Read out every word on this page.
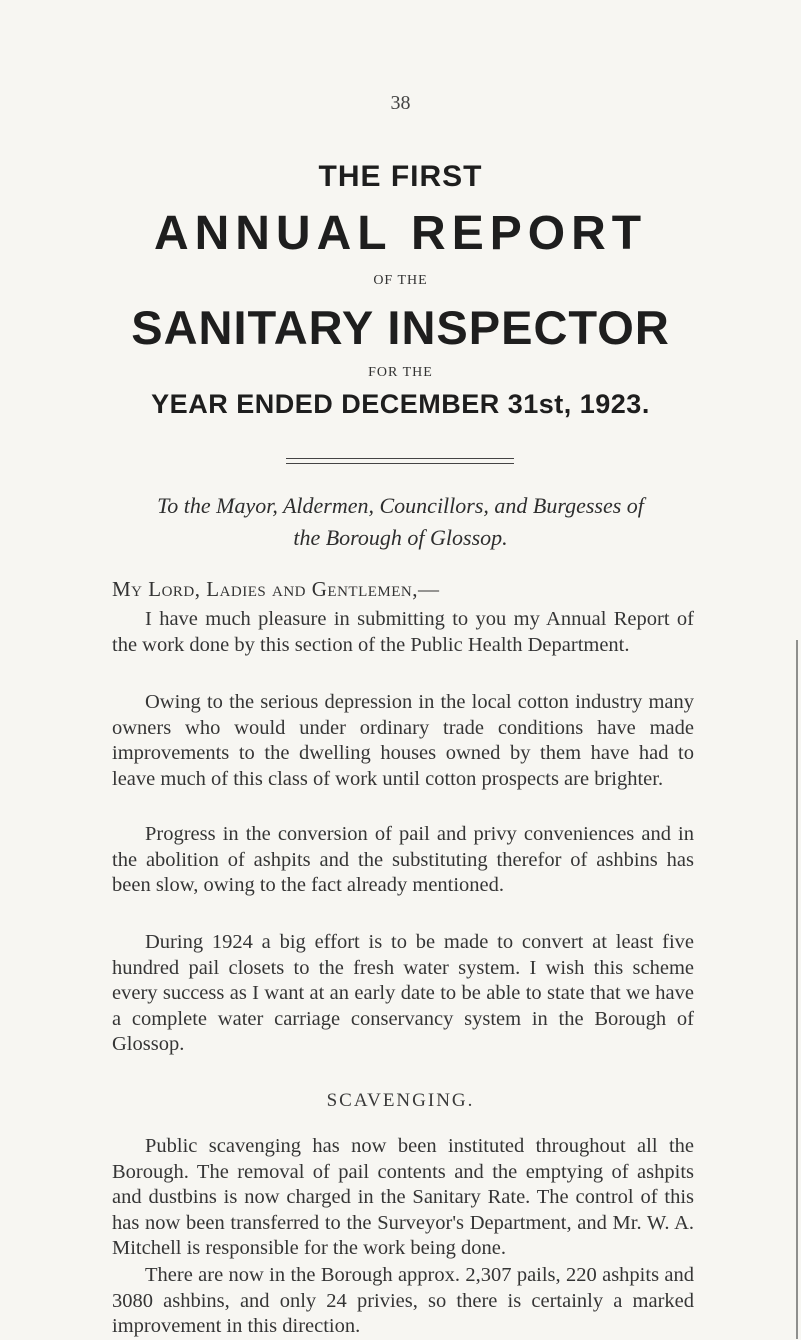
38
THE FIRST
ANNUAL REPORT
OF THE
SANITARY INSPECTOR
FOR THE
YEAR ENDED DECEMBER 31st, 1923.
To the Mayor, Aldermen, Councillors, and Burgesses of
the Borough of Glossop.
My Lord, Ladies and Gentlemen,—

I have much pleasure in submitting to you my Annual Report of the work done by this section of the Public Health Department.

Owing to the serious depression in the local cotton industry many owners who would under ordinary trade conditions have made improvements to the dwelling houses owned by them have had to leave much of this class of work until cotton prospects are brighter.

Progress in the conversion of pail and privy conveniences and in the abolition of ashpits and the substituting therefor of ashbins has been slow, owing to the fact already mentioned.

During 1924 a big effort is to be made to convert at least five hundred pail closets to the fresh water system. I wish this scheme every success as I want at an early date to be able to state that we have a complete water carriage conservancy system in the Borough of Glossop.

SCAVENGING.

Public scavenging has now been instituted throughout all the Borough. The removal of pail contents and the emptying of ashpits and dustbins is now charged in the Sanitary Rate. The control of this has now been transferred to the Surveyor's Department, and Mr. W. A. Mitchell is responsible for the work being done.

There are now in the Borough approx. 2,307 pails, 220 ashpits and 3080 ashbins, and only 24 privies, so there is certainly a marked improvement in this direction.
